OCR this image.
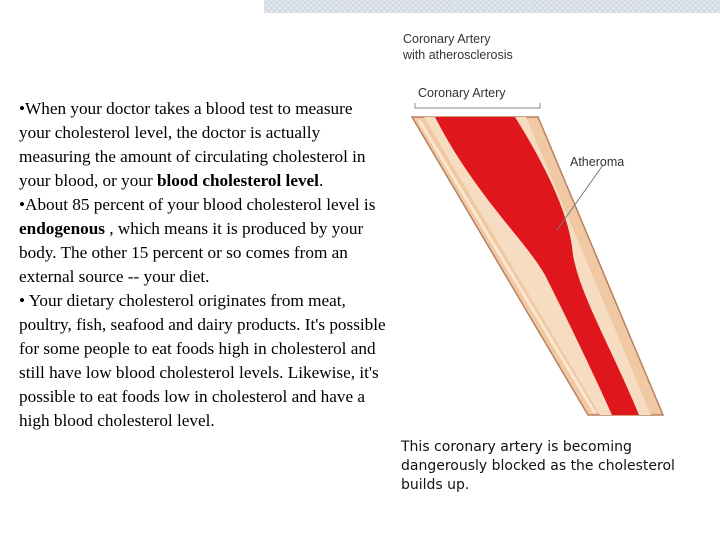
•When your doctor takes a blood test to measure your cholesterol level, the doctor is actually measuring the amount of circulating cholesterol in your blood, or your blood cholesterol level.

•About 85 percent of your blood cholesterol level is endogenous , which means it is produced by your body. The other 15 percent or so comes from an external source -- your diet.

• Your dietary cholesterol originates from meat, poultry, fish, seafood and dairy products. It's possible for some people to eat foods high in cholesterol and still have low blood cholesterol levels. Likewise, it's possible to eat foods low in cholesterol and have a high blood cholesterol level.

Coronary Artery
with atherosclerosis
Coronary Artery
Atheroma
This coronary artery is becoming dangerously blocked as the cholesterol builds up.
